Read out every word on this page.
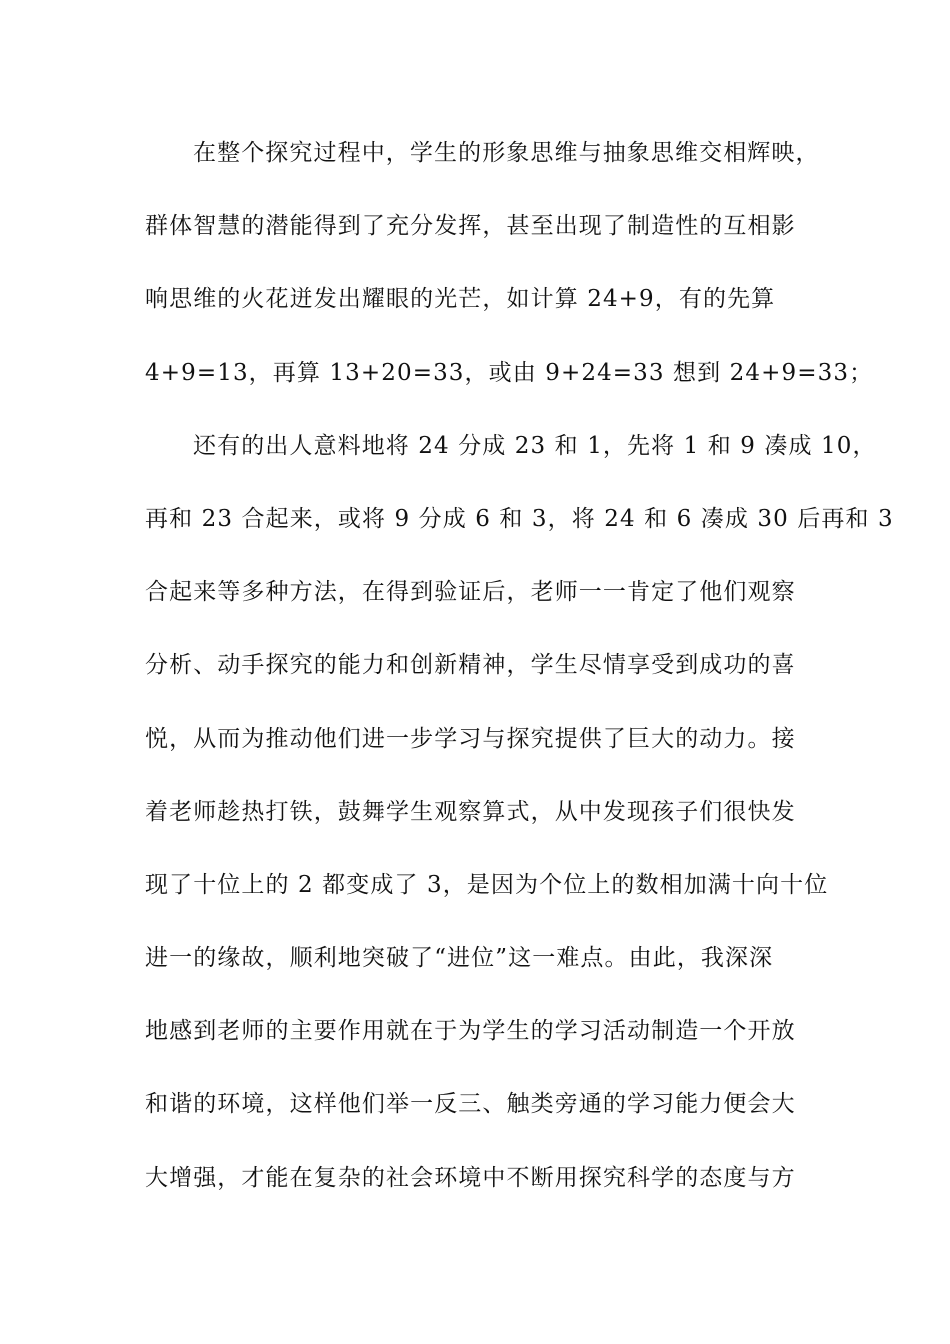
在整个探究过程中，学生的形象思维与抽象思维交相辉映，
群体智慧的潜能得到了充分发挥，甚至出现了制造性的互相影
响思维的火花迸发出耀眼的光芒，如计算 24+9，有的先算
4+9=13，再算 13+20=33，或由 9+24=33 想到 24+9=33；
还有的出人意料地将 24 分成 23 和 1，先将 1 和 9 凑成 10，
再和 23 合起来，或将 9 分成 6 和 3，将 24 和 6 凑成 30 后再和 3
合起来等多种方法，在得到验证后，老师一一肯定了他们观察
分析、动手探究的能力和创新精神，学生尽情享受到成功的喜
悦，从而为推动他们进一步学习与探究提供了巨大的动力。接
着老师趁热打铁，鼓舞学生观察算式，从中发现孩子们很快发
现了十位上的 2 都变成了 3，是因为个位上的数相加满十向十位
进一的缘故，顺利地突破了“进位”这一难点。由此，我深深
地感到老师的主要作用就在于为学生的学习活动制造一个开放
和谐的环境，这样他们举一反三、触类旁通的学习能力便会大
大增强，才能在复杂的社会环境中不断用探究科学的态度与方
